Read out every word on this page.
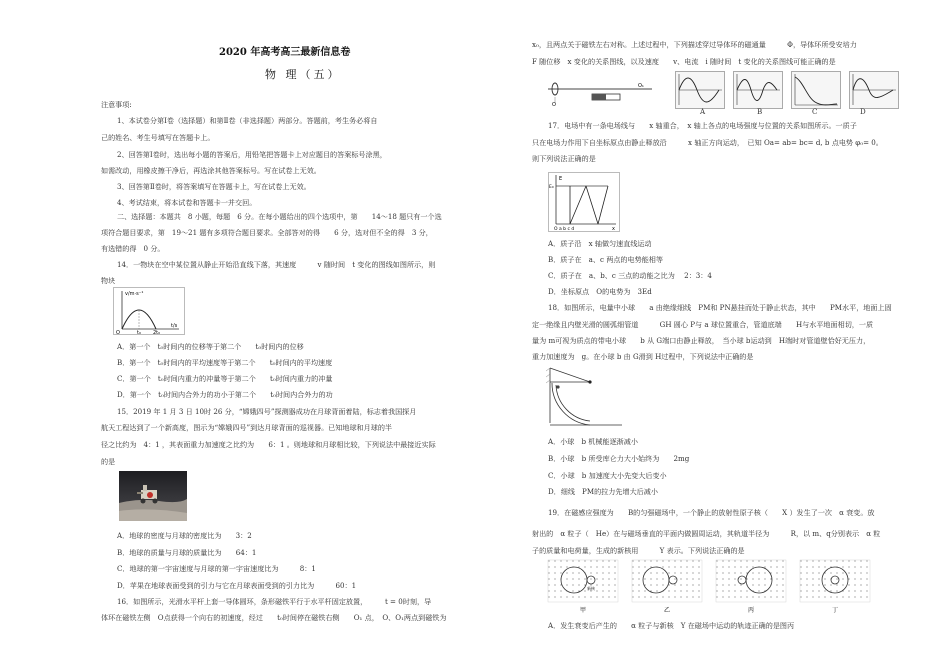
2020 年高考高三最新信息卷
物 理（五）
注意事项:
1、本试卷分第Ⅰ卷（选择题）和第Ⅱ卷（非选择题）两部分。答题前，考生务必将自
己的姓名、考生号填写在答题卡上。
2、回答第Ⅰ卷时，选出每小题的答案后，用铅笔把答题卡上对应题目的答案标号涂黑，
如需改动，用橡皮擦干净后，再选涂其他答案标号。写在试卷上无效。
3、回答第Ⅱ卷时，将答案填写在答题卡上，写在试卷上无效。
4、考试结束，将本试卷和答题卡一并交回。
二、选择题：本题共　8 小题，每题　6 分。在每小题给出的四个选项中，第　　14～18 题只有一个选
项符合题目要求，第　19～21 题有多项符合题目要求。全部答对的得　　6 分，选对但不全的得　3 分，
有选错的得　0 分。
14．一物块在空中某位置从静止开始沿直线下落，其速度　　　v 随时间　t 变化的图线如图所示，则
物块
v/m·s⁻¹
t₀ 2t₀
t/s
O
A．第一个　t₀时间内的位移等于第二个　　t₀时间内的位移
B．第一个　t₀时间内的平均速度等于第二个　　t₀时间内的平均速度
C．第一个　t₀时间内重力的冲量等于第二个　　t₀时间内重力的冲量
D．第一个　t₀时间内合外力的功小于第二个　　t₀时间内合外力的功
15．2019 年 1 月 3 日 10时 26 分，“嫦娥四号”探测器成功在月球背面着陆，标志着我国探月
航天工程达到了一个新高度，图示为“嫦娥四号”到达月球背面的巡视器。已知地球和月球的半
径之比约为　4：1 ，其表面重力加速度之比约为　　6：1 。则地球和月球相比较，下列说法中最接近实际
的是
A．地球的密度与月球的密度比为　　3：2
B．地球的质量与月球的质量比为　　64：1
C．地球的第一宇宙速度与月球的第一宇宙速度比为　　　8：1
D．苹果在地球表面受到的引力与它在月球表面受到的引力比为　　　60：1
16．如图所示，光滑水平杆上套一导体圆环，条形磁铁平行于水平杆固定放置，　　　t = 0时刻，导
体环在磁铁左侧　O点获得一个向右的初速度，经过　　t₀时间停在磁铁右侧　　O₁ 点，　O、O₁两点到磁铁为
x₀，且两点关于磁铁左右对称。上述过程中，下列描述穿过导体环的磁通量　　　Φ，导体环所受安培力
F 随位移　x 变化的关系图线，以及速度　　v、电流　i 随时间　t 变化的关系图线可能正确的是
O
O₁
A	B	C	D
17．电场中有一条电场线与　　x 轴重合，　x 轴上各点的电场强度与位置的关系如图所示。一质子
只在电场力作用下自坐标原点由静止释放沿　　　x 轴正方向运动，　已知 Oa= ab= bc= d, b 点电势 φ₀= 0。
则下列说法正确的是
E
E₀
x
O a b c d
A．质子沿　x 轴做匀速直线运动
B．质子在　a、c 两点的电势能相等
C．质子在　a、b、c 三点的动能之比为　 2：3：4
D．坐标原点　O的电势为　3Ed
18．如图所示，电量中小球　　a 由绝缘细线　PM和 PN悬挂而处于静止状态，其中　　PM水平，地面上固
定一绝缘且内壁光滑的圆弧细管道　　　GH 圆心 P与 a 球位置重合，管道底端　　H与水平地面相切，一质
量为 m可视为质点的带电小球　　b 从 G端口由静止释放，　当小球 b运动到　H端时对管道壁恰好无压力，
重力加速度为　g。在小球 b 由 G滑到 H过程中，下列说法中正确的是
A．小球　b 机械能逐渐减小
B．小球　b 所受库仑力大小始终为　　2mg
C．小球　b 加速度大小先变大后变小
D．细线　PM的拉力先增大后减小
19．在磁感应强度为　　B的匀强磁场中，一个静止的放射性原子核（　　X ）发生了一次　α 衰变。放
射出的　α 粒子（　He）在与磁场垂直的平面内做圆周运动，其轨道半径为　　　R，以 m、q分别表示　α 粒
子的质量和电荷量，生成的新核用　　　Y 表示。下列说法正确的是
新核
甲	乙	丙	丁
A．发生衰变后产生的　　α 粒子与新核　Y 在磁场中运动的轨迹正确的是图丙
